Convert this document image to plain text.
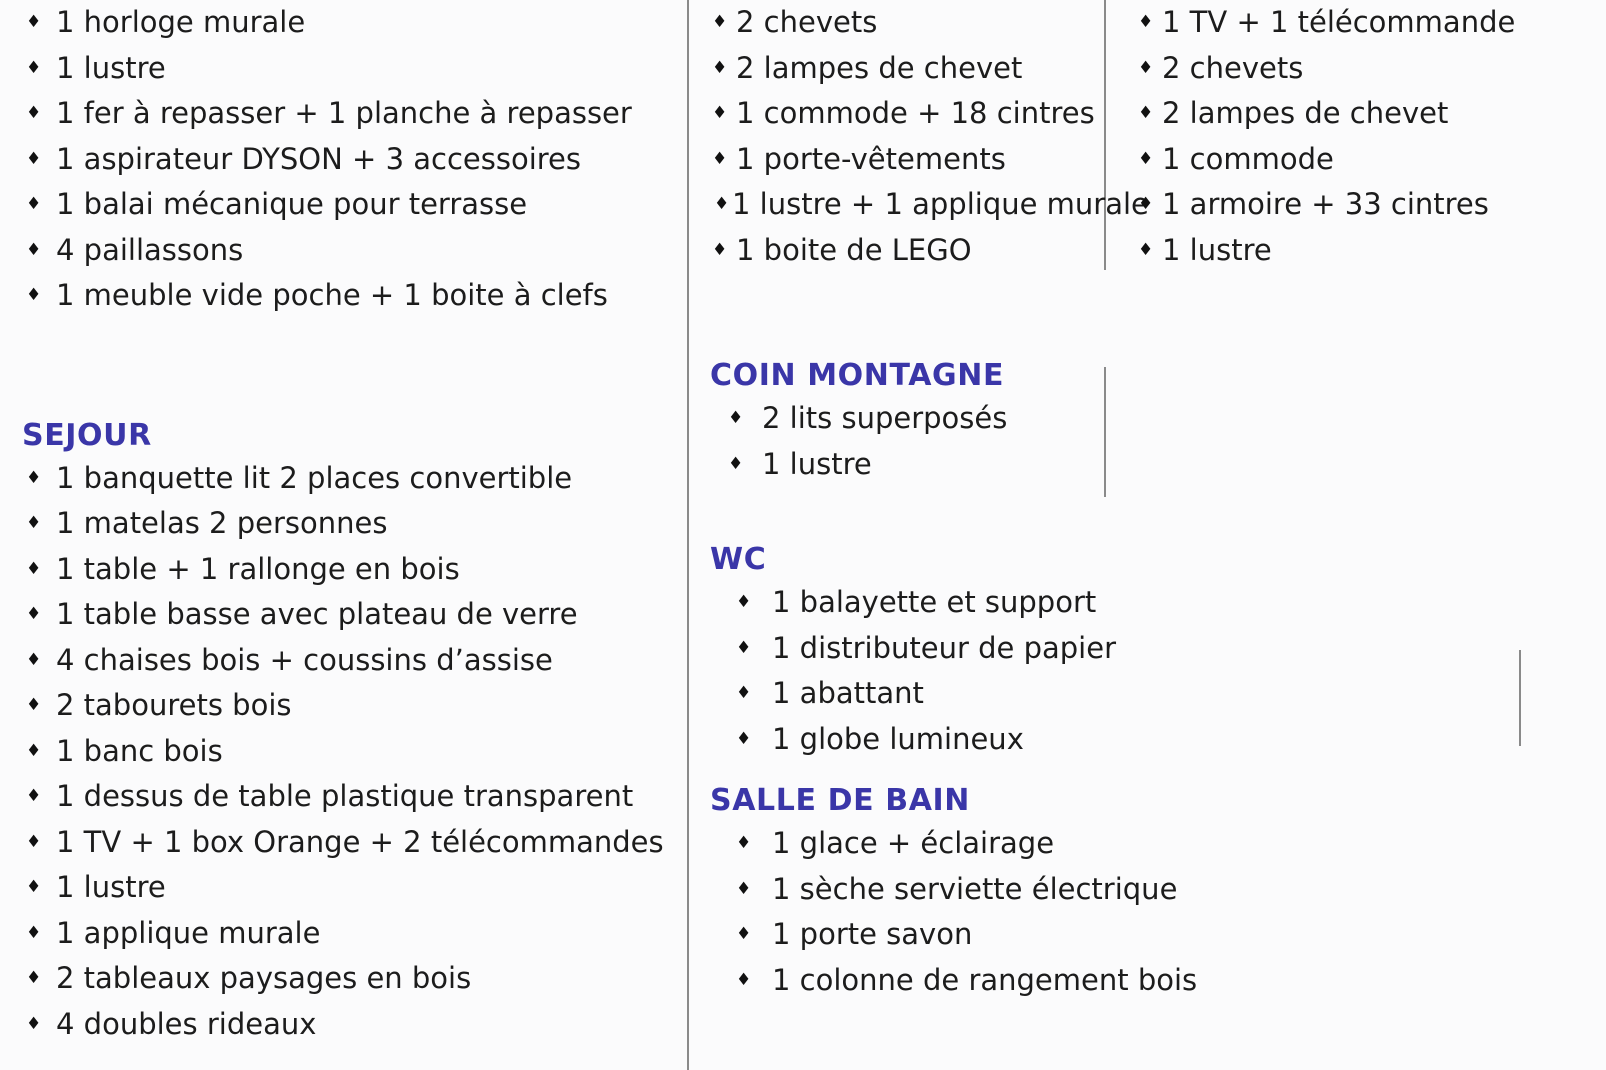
♦ 1 horloge murale
♦ 1 lustre
♦ 1 fer à repasser + 1 planche à repasser
♦ 1 aspirateur DYSON + 3 accessoires
♦ 1 balai mécanique pour terrasse
♦ 4 paillassons
♦ 1 meuble vide poche + 1 boite à clefs
SEJOUR
♦ 1 banquette lit 2 places convertible
♦ 1 matelas 2 personnes
♦ 1 table + 1 rallonge en bois
♦ 1 table basse avec plateau de verre
♦ 4 chaises bois + coussins d’assise
♦ 2 tabourets bois
♦ 1 banc bois
♦ 1 dessus de table plastique transparent
♦ 1 TV + 1 box Orange + 2 télécommandes
♦ 1 lustre
♦ 1 applique murale
♦ 2 tableaux paysages en bois
♦ 4 doubles rideaux
♦ 2 chevets
♦ 2 lampes de chevet
♦ 1 commode + 18 cintres
♦ 1 porte-vêtements
♦ 1 lustre + 1 applique murale
♦ 1 boite de LEGO
COIN MONTAGNE
♦ 2 lits superposés
♦ 1 lustre
WC
♦ 1 balayette et support
♦ 1 distributeur de papier
♦ 1 abattant
♦ 1 globe lumineux
SALLE DE BAIN
♦ 1 glace + éclairage
♦ 1 sèche serviette électrique
♦ 1 porte savon
♦ 1 colonne de rangement bois
♦ 1 TV + 1 télécommande
♦ 2 chevets
♦ 2 lampes de chevet
♦ 1 commode
♦ 1 armoire + 33 cintres
♦ 1 lustre
